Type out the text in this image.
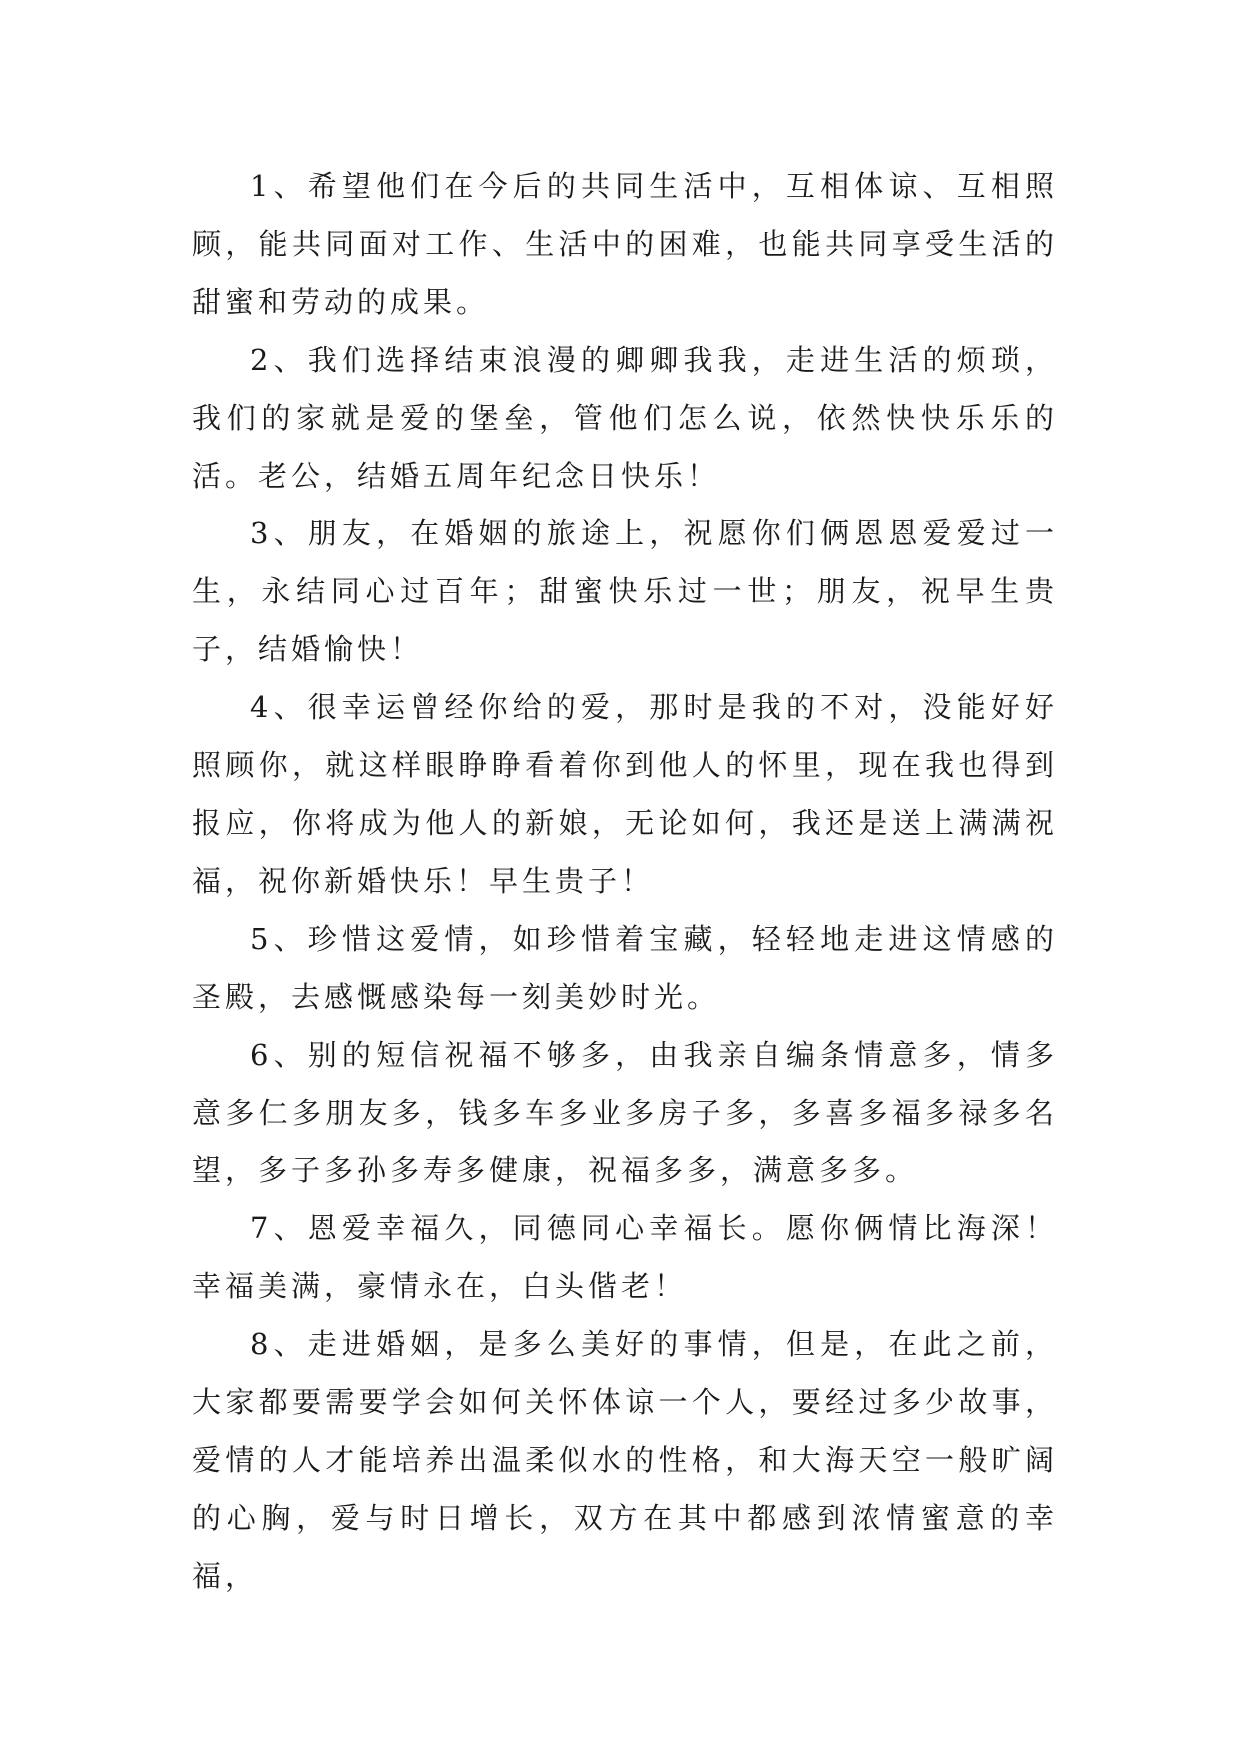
1、希望他们在今后的共同生活中，互相体谅、互相照顾，能共同面对工作、生活中的困难，也能共同享受生活的甜蜜和劳动的成果。

2、我们选择结束浪漫的卿卿我我，走进生活的烦琐，我们的家就是爱的堡垒，管他们怎么说，依然快快乐乐的活。老公，结婚五周年纪念日快乐！

3、朋友，在婚姻的旅途上，祝愿你们俩恩恩爱爱过一生，永结同心过百年；甜蜜快乐过一世；朋友，祝早生贵子，结婚愉快！

4、很幸运曾经你给的爱，那时是我的不对，没能好好照顾你，就这样眼睁睁看着你到他人的怀里，现在我也得到报应，你将成为他人的新娘，无论如何，我还是送上满满祝福，祝你新婚快乐！早生贵子！

5、珍惜这爱情，如珍惜着宝藏，轻轻地走进这情感的圣殿，去感慨感染每一刻美妙时光。

6、别的短信祝福不够多，由我亲自编条情意多，情多意多仁多朋友多，钱多车多业多房子多，多喜多福多禄多名望，多子多孙多寿多健康，祝福多多，满意多多。

7、恩爱幸福久，同德同心幸福长。愿你俩情比海深！幸福美满，豪情永在，白头偕老！

8、走进婚姻，是多么美好的事情，但是，在此之前，大家都要需要学会如何关怀体谅一个人，要经过多少故事，爱情的人才能培养出温柔似水的性格，和大海天空一般旷阔的心胸，爱与时日增长，双方在其中都感到浓情蜜意的幸福，
